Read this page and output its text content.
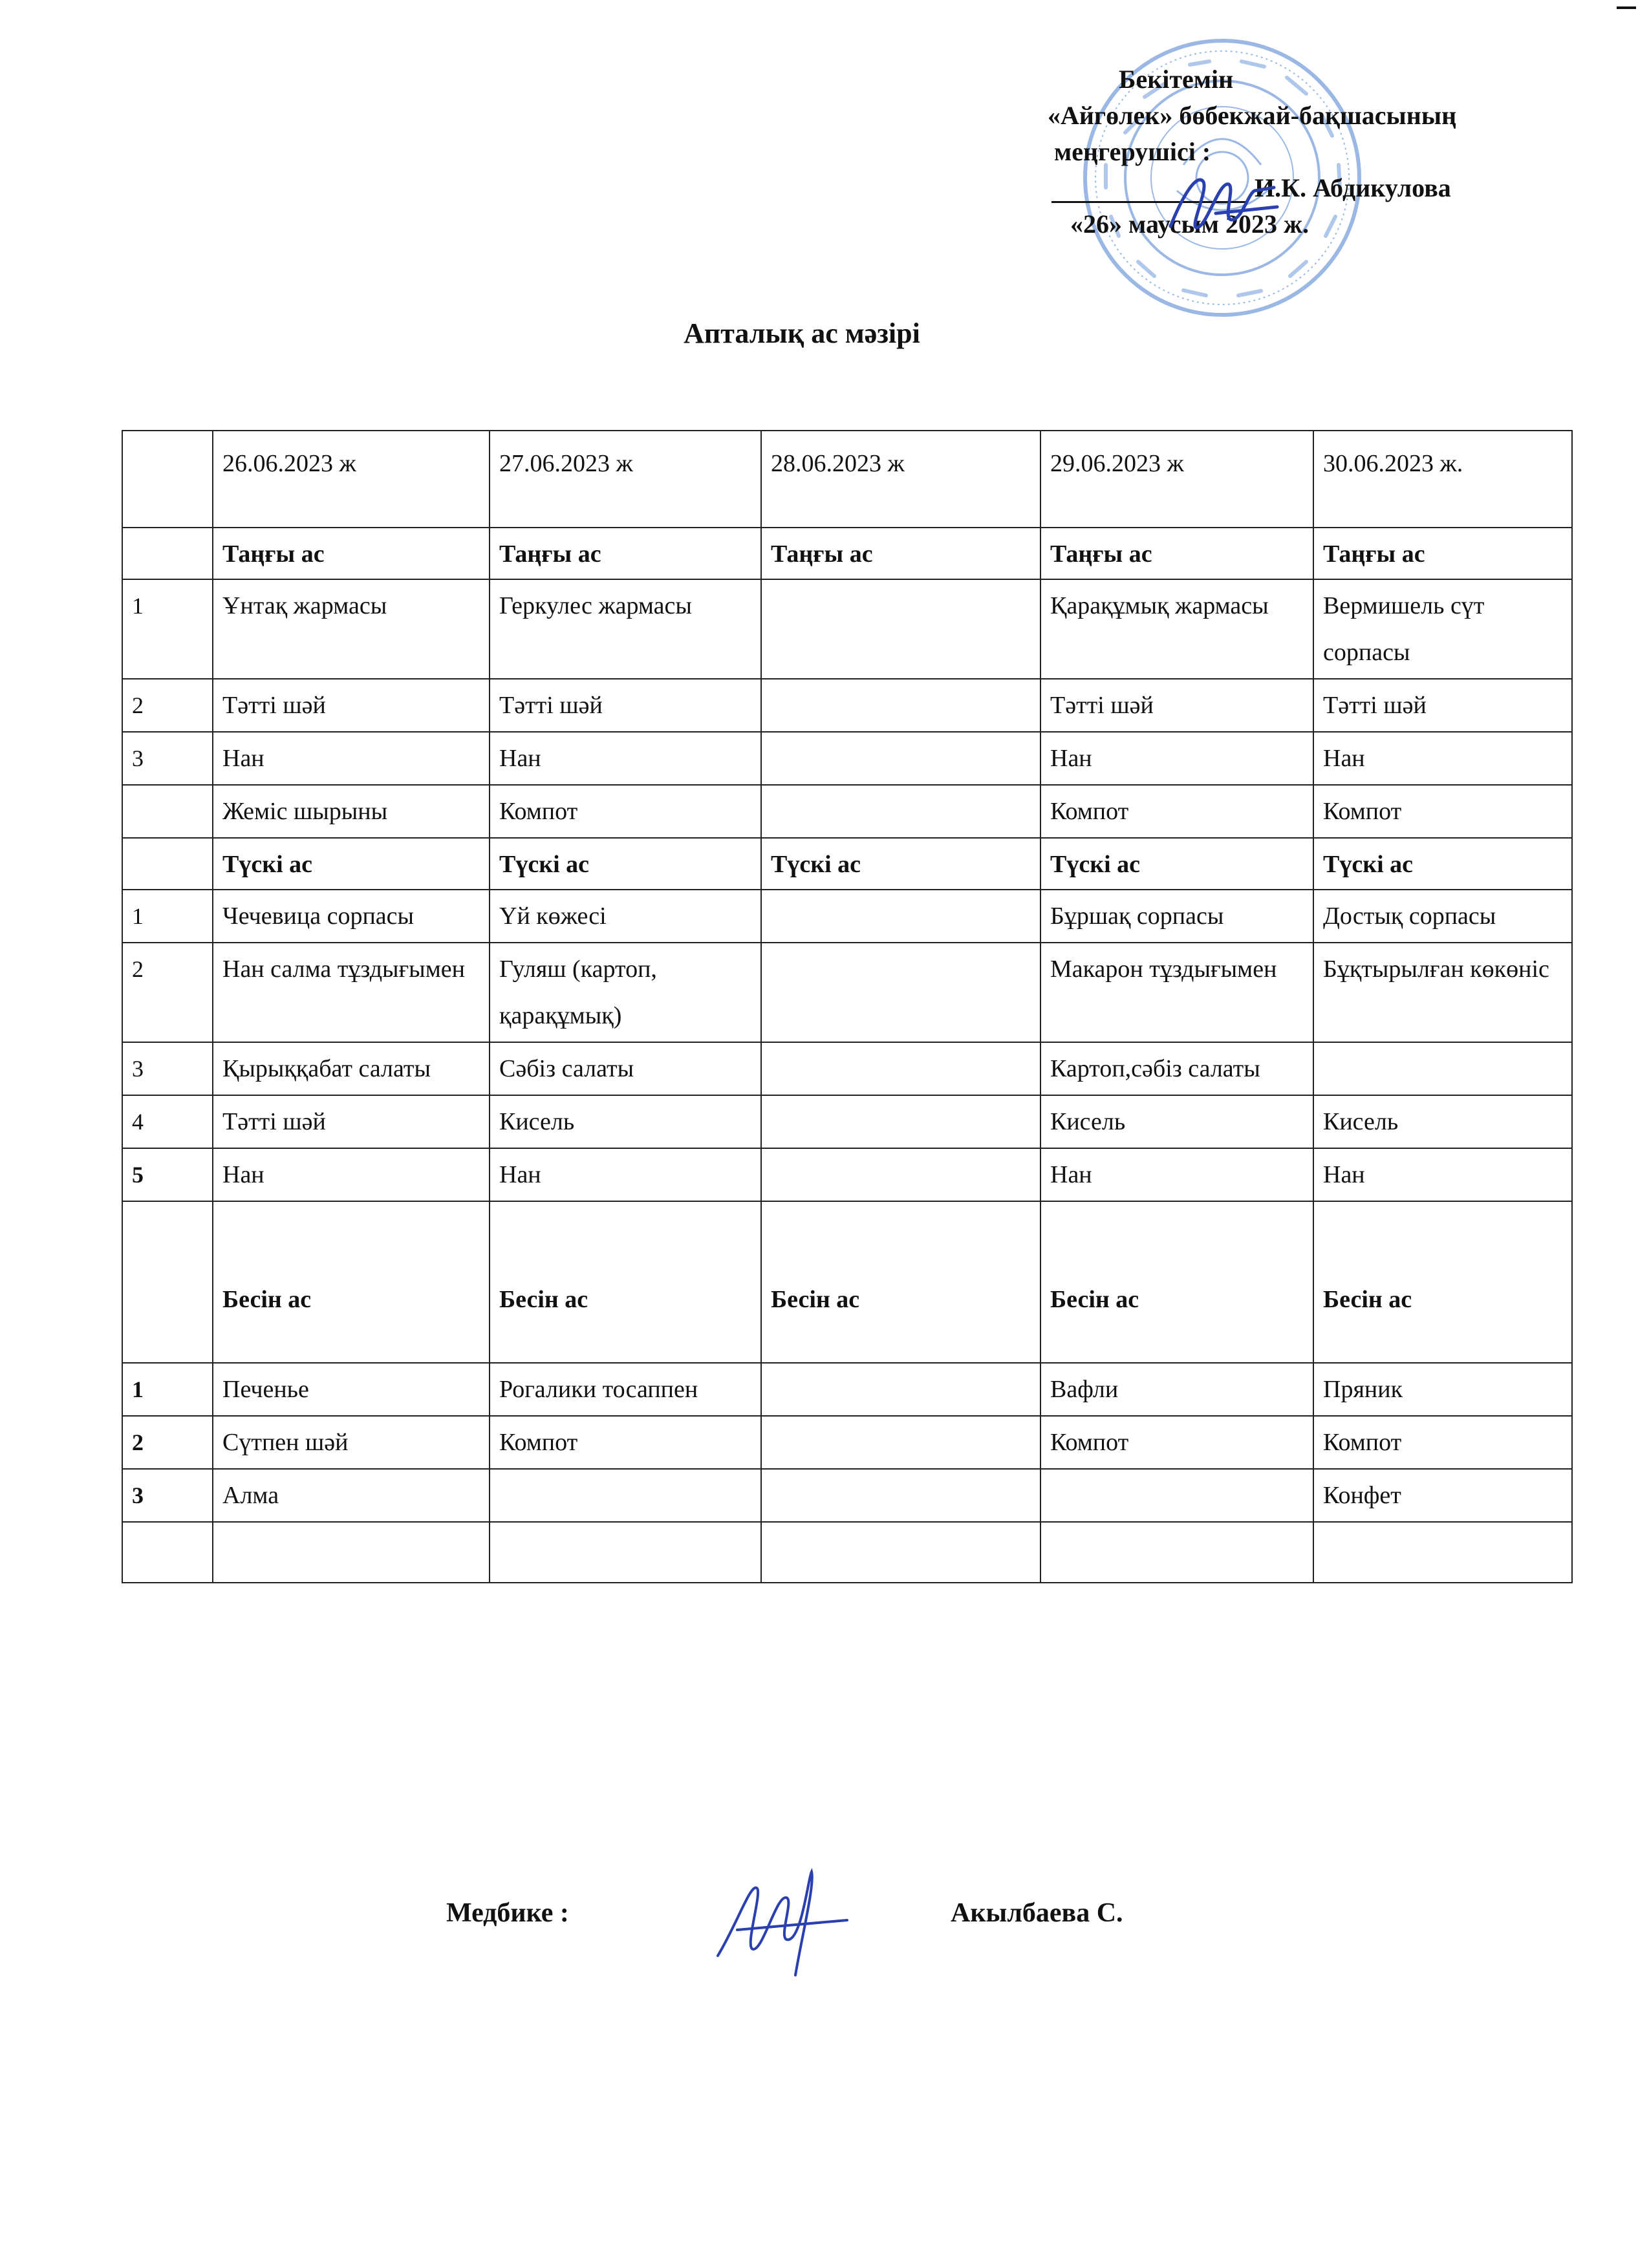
Бекітемін
«Айгөлек» бөбекжай-бақшасының
меңгерушісі :
И.К. Абдикулова
«26» маусым 2023 ж.
Апталық ас мәзірі
	26.06.2023 ж	27.06.2023 ж	28.06.2023 ж	29.06.2023 ж	30.06.2023 ж.
	Таңғы ас	Таңғы ас	Таңғы ас	Таңғы ас	Таңғы ас
1	Ұнтақ жармасы	Геркулес жармасы		Қарақұмық жармасы	Вермишель сүт сорпасы
2	Тәтті шәй	Тәтті шәй		Тәтті шәй	Тәтті шәй
3	Нан	Нан		Нан	Нан
	Жеміс шырыны	Компот		Компот	Компот
	Түскі ас	Түскі ас	Түскі ас	Түскі ас	Түскі ас
1	Чечевица сорпасы	Үй көжесі		Бұршақ сорпасы	Достық сорпасы
2	Нан салма тұздығымен	Гуляш (картоп, қарақұмық)		Макарон тұздығымен	Бұқтырылған көкөніс
3	Қырыққабат салаты	Сәбіз салаты		Картоп,сәбіз салаты	
4	Тәтті шәй	Кисель		Кисель	Кисель
5	Нан	Нан		Нан	Нан
	Бесін ас	Бесін ас	Бесін ас	Бесін ас	Бесін ас
1	Печенье	Рогалики тосаппен		Вафли	Пряник
2	Сүтпен шәй	Компот		Компот	Компот
3	Алма				Конфет

Медбике :	Акылбаева С.
